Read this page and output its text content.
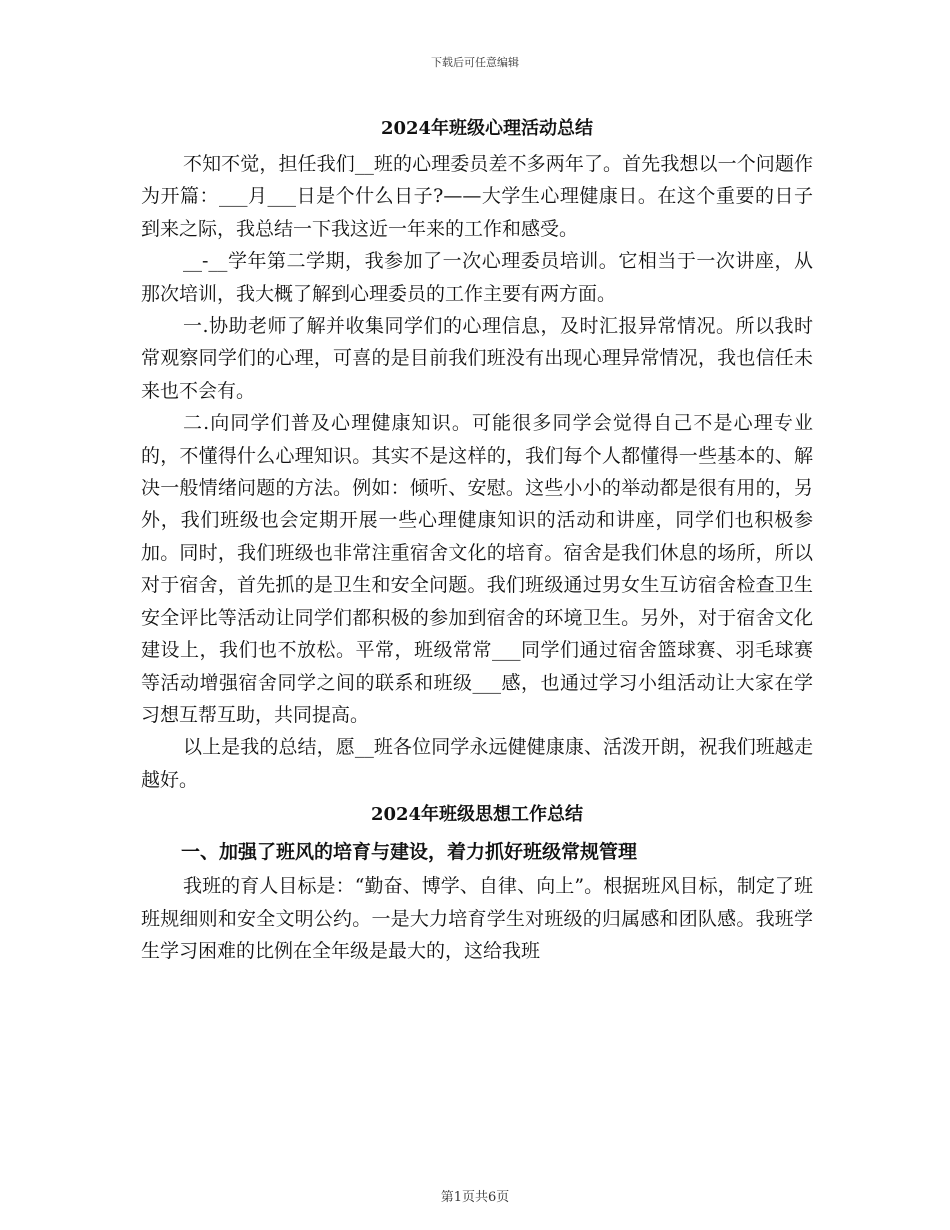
下载后可任意编辑
2024年班级心理活动总结

不知不觉，担任我们__班的心理委员差不多两年了。首先我想以一个问题作为开篇：___月___日是个什么日子?——大学生心理健康日。在这个重要的日子到来之际，我总结一下我这近一年来的工作和感受。

__-__学年第二学期，我参加了一次心理委员培训。它相当于一次讲座，从那次培训，我大概了解到心理委员的工作主要有两方面。

一.协助老师了解并收集同学们的心理信息，及时汇报异常情况。所以我时常观察同学们的心理，可喜的是目前我们班没有出现心理异常情况，我也信任未来也不会有。

二.向同学们普及心理健康知识。可能很多同学会觉得自己不是心理专业的，不懂得什么心理知识。其实不是这样的，我们每个人都懂得一些基本的、解决一般情绪问题的方法。例如：倾听、安慰。这些小小的举动都是很有用的，另外，我们班级也会定期开展一些心理健康知识的活动和讲座，同学们也积极参加。同时，我们班级也非常注重宿舍文化的培育。宿舍是我们休息的场所，所以对于宿舍，首先抓的是卫生和安全问题。我们班级通过男女生互访宿舍检查卫生安全评比等活动让同学们都积极的参加到宿舍的环境卫生。另外，对于宿舍文化建设上，我们也不放松。平常，班级常常___同学们通过宿舍篮球赛、羽毛球赛等活动增强宿舍同学之间的联系和班级___感，也通过学习小组活动让大家在学习想互帮互助，共同提高。

以上是我的总结，愿__班各位同学永远健健康康、活泼开朗，祝我们班越走越好。

2024年班级思想工作总结
一、加强了班风的培育与建设，着力抓好班级常规管理

我班的育人目标是：“勤奋、博学、自律、向上”。根据班风目标，制定了班班规细则和安全文明公约。一是大力培育学生对班级的归属感和团队感。我班学生学习困难的比例在全年级是最大的，这给我班

第1页共6页
